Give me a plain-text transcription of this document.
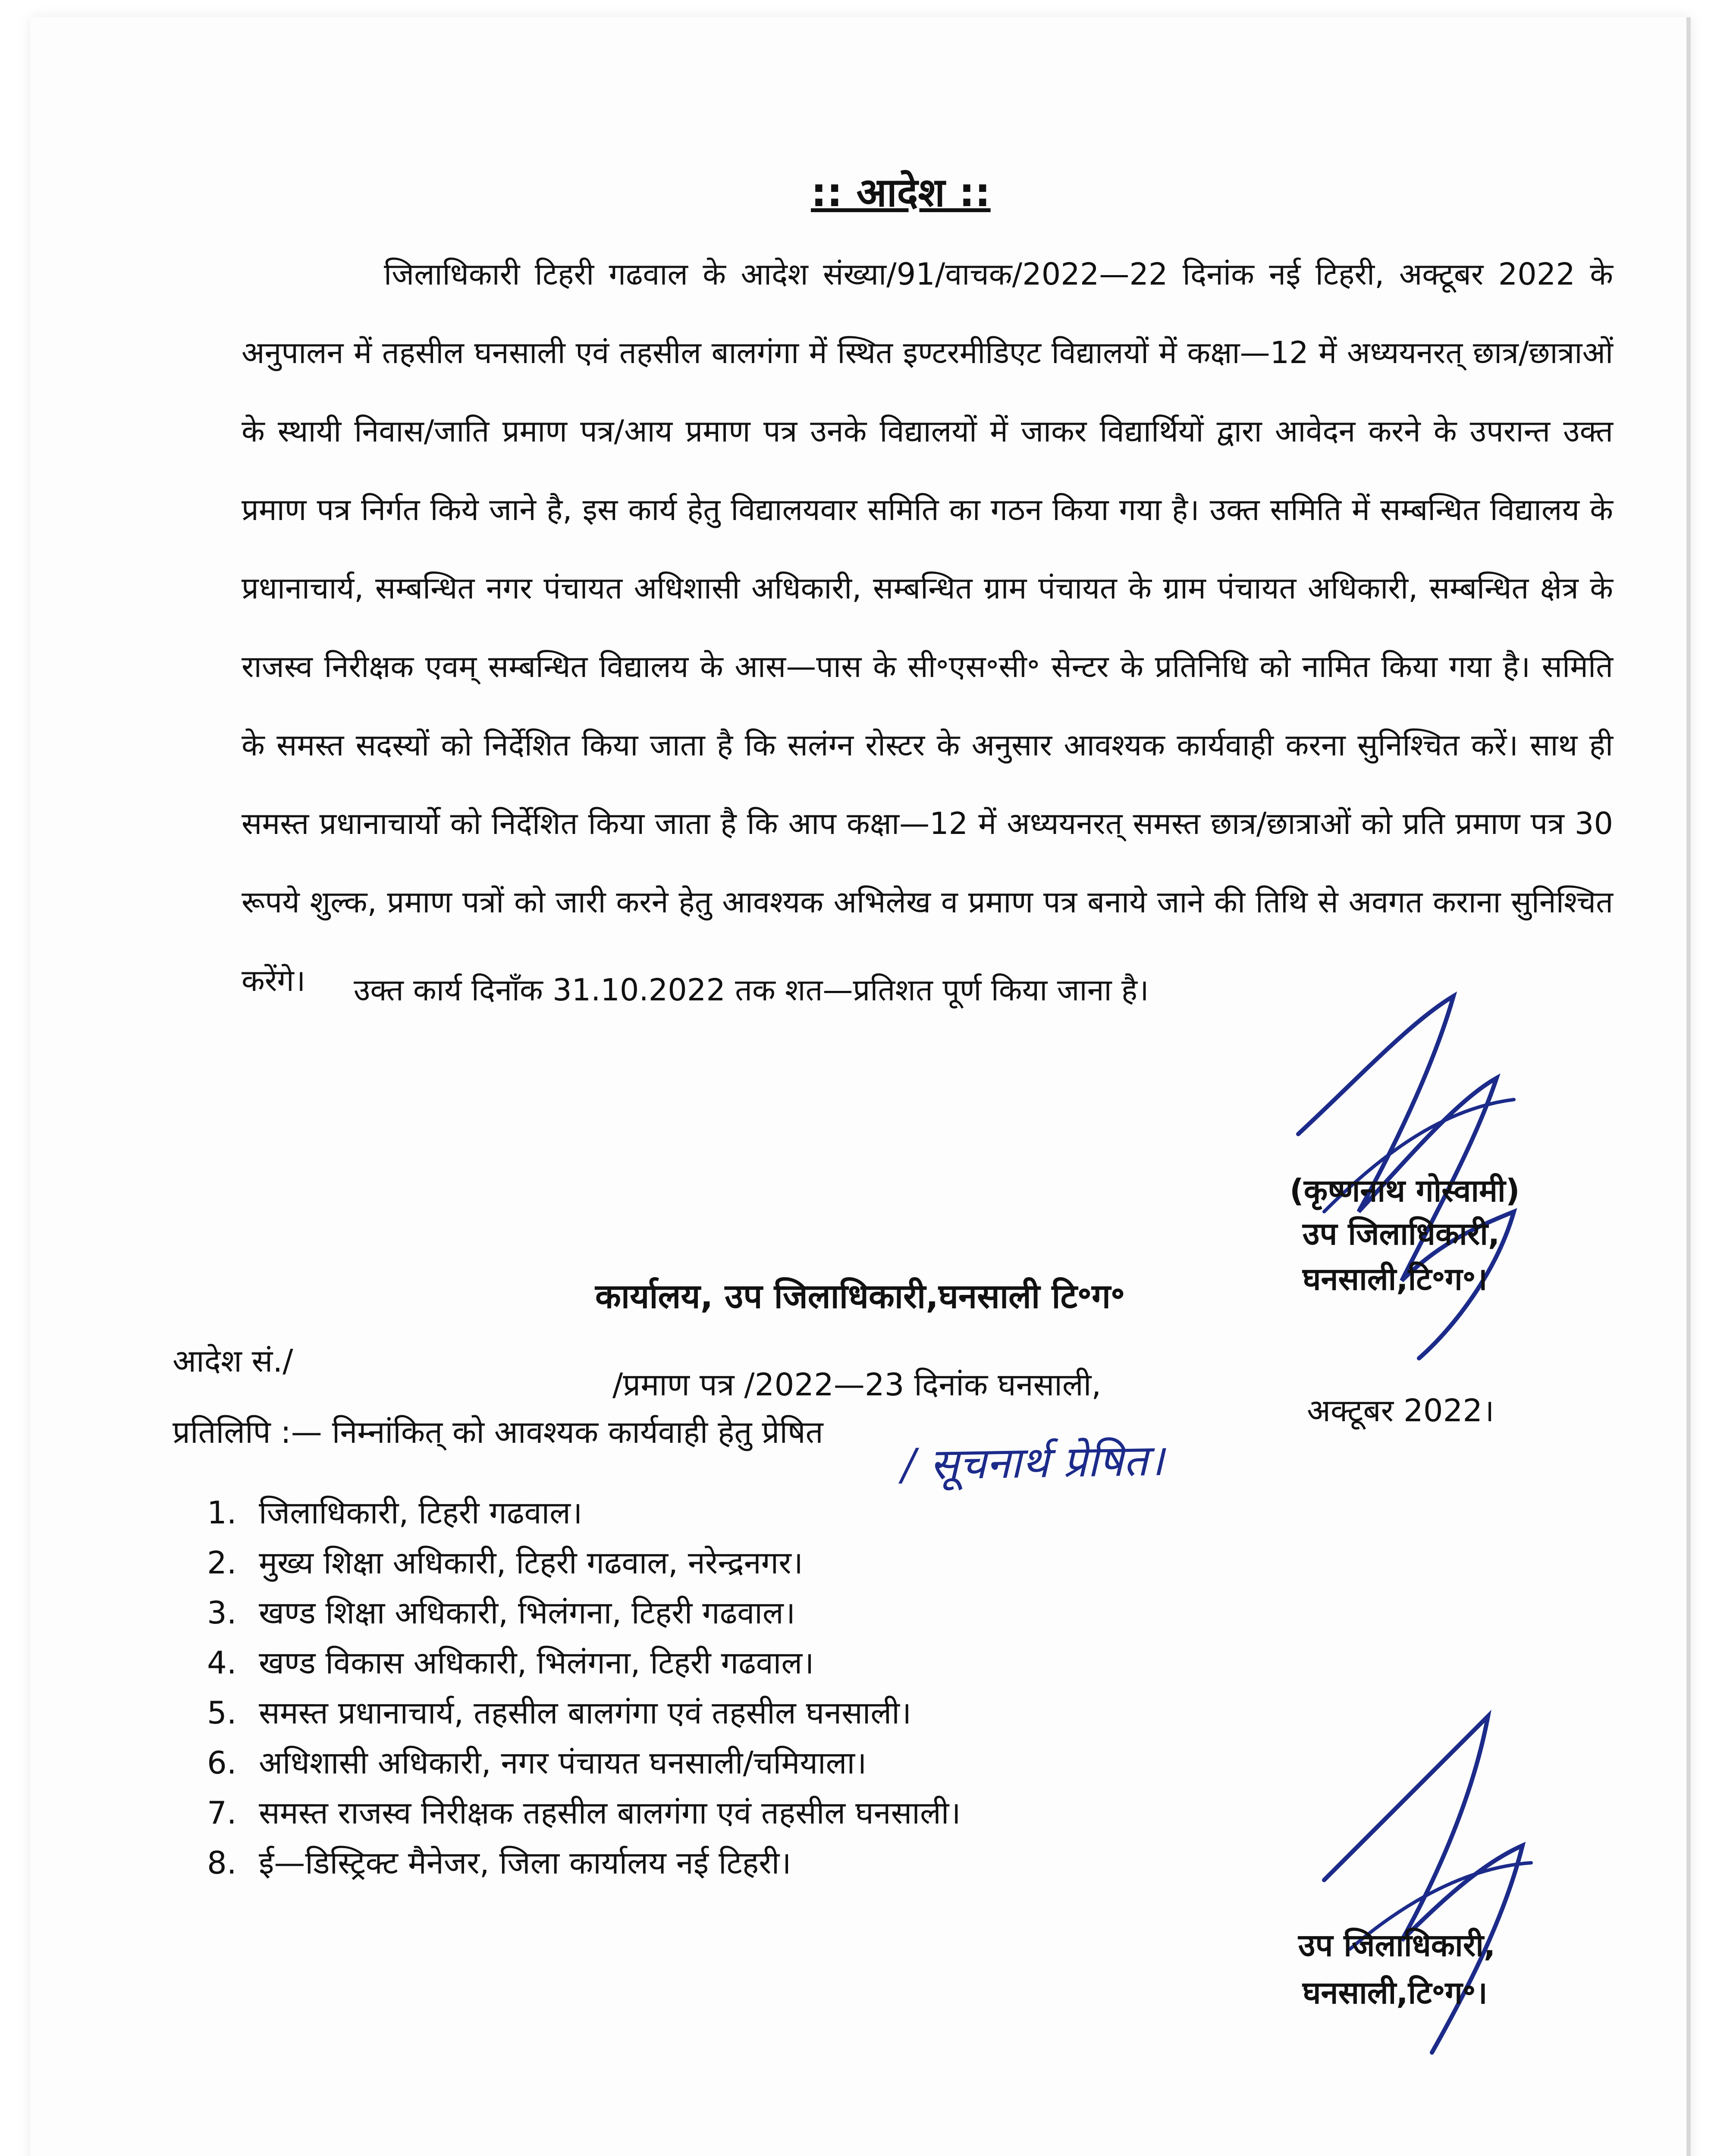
:: आदेश ::

जिलाधिकारी टिहरी गढवाल के आदेश संख्या/91/वाचक/2022—22 दिनांक नई टिहरी, अक्टूबर 2022 के अनुपालन में तहसील घनसाली एवं तहसील बालगंगा में स्थित इण्टरमीडिएट विद्यालयों में कक्षा—12 में अध्ययनरत् छात्र/छात्राओं के स्थायी निवास/जाति प्रमाण पत्र/आय प्रमाण पत्र उनके विद्यालयों में जाकर विद्यार्थियों द्वारा आवेदन करने के उपरान्त उक्त प्रमाण पत्र निर्गत किये जाने है, इस कार्य हेतु विद्यालयवार समिति का गठन किया गया है। उक्त समिति में सम्बन्धित विद्यालय के प्रधानाचार्य, सम्बन्धित नगर पंचायत अधिशासी अधिकारी, सम्बन्धित ग्राम पंचायत के ग्राम पंचायत अधिकारी, सम्बन्धित क्षेत्र के राजस्व निरीक्षक एवम् सम्बन्धित विद्यालय के आस—पास के सी॰एस॰सी॰ सेन्टर के प्रतिनिधि को नामित किया गया है। समिति के समस्त सदस्यों को निर्देशित किया जाता है कि सलंग्न रोस्टर के अनुसार आवश्यक कार्यवाही करना सुनिश्चित करें। साथ ही समस्त प्रधानाचार्यो को निर्देशित किया जाता है कि आप कक्षा—12 में अध्ययनरत् समस्त छात्र/छात्राओं को प्रति प्रमाण पत्र 30 रूपये शुल्क, प्रमाण पत्रों को जारी करने हेतु आवश्यक अभिलेख व प्रमाण पत्र बनाये जाने की तिथि से अवगत कराना सुनिश्चित करेंगे।	उक्त कार्य दिनाँक 31.10.2022 तक शत—प्रतिशत पूर्ण किया जाना है।
(कृष्णनाथ गोस्वामी)
उप जिलाधिकारी,
घनसाली,टि॰ग॰।
कार्यालय, उप जिलाधिकारी,घनसाली टि॰ग॰
आदेश सं./
/प्रमाण पत्र /2022—23 दिनांक घनसाली,
अक्टूबर 2022।
प्रतिलिपि :— निम्नांकित् को आवश्यक कार्यवाही हेतु प्रेषित
/ सूचनार्थ प्रेषित।
1. जिलाधिकारी, टिहरी गढवाल।
2. मुख्य शिक्षा अधिकारी, टिहरी गढवाल, नरेन्द्रनगर।
3. खण्ड शिक्षा अधिकारी, भिलंगना, टिहरी गढवाल।
4. खण्ड विकास अधिकारी, भिलंगना, टिहरी गढवाल।
5. समस्त प्रधानाचार्य, तहसील बालगंगा एवं तहसील घनसाली।
6. अधिशासी अधिकारी, नगर पंचायत घनसाली/चमियाला।
7. समस्त राजस्व निरीक्षक तहसील बालगंगा एवं तहसील घनसाली।
8. ई—डिस्ट्रिक्ट मैनेजर, जिला कार्यालय नई टिहरी।
उप जिलाधिकारी,
घनसाली,टि॰ग॰।
